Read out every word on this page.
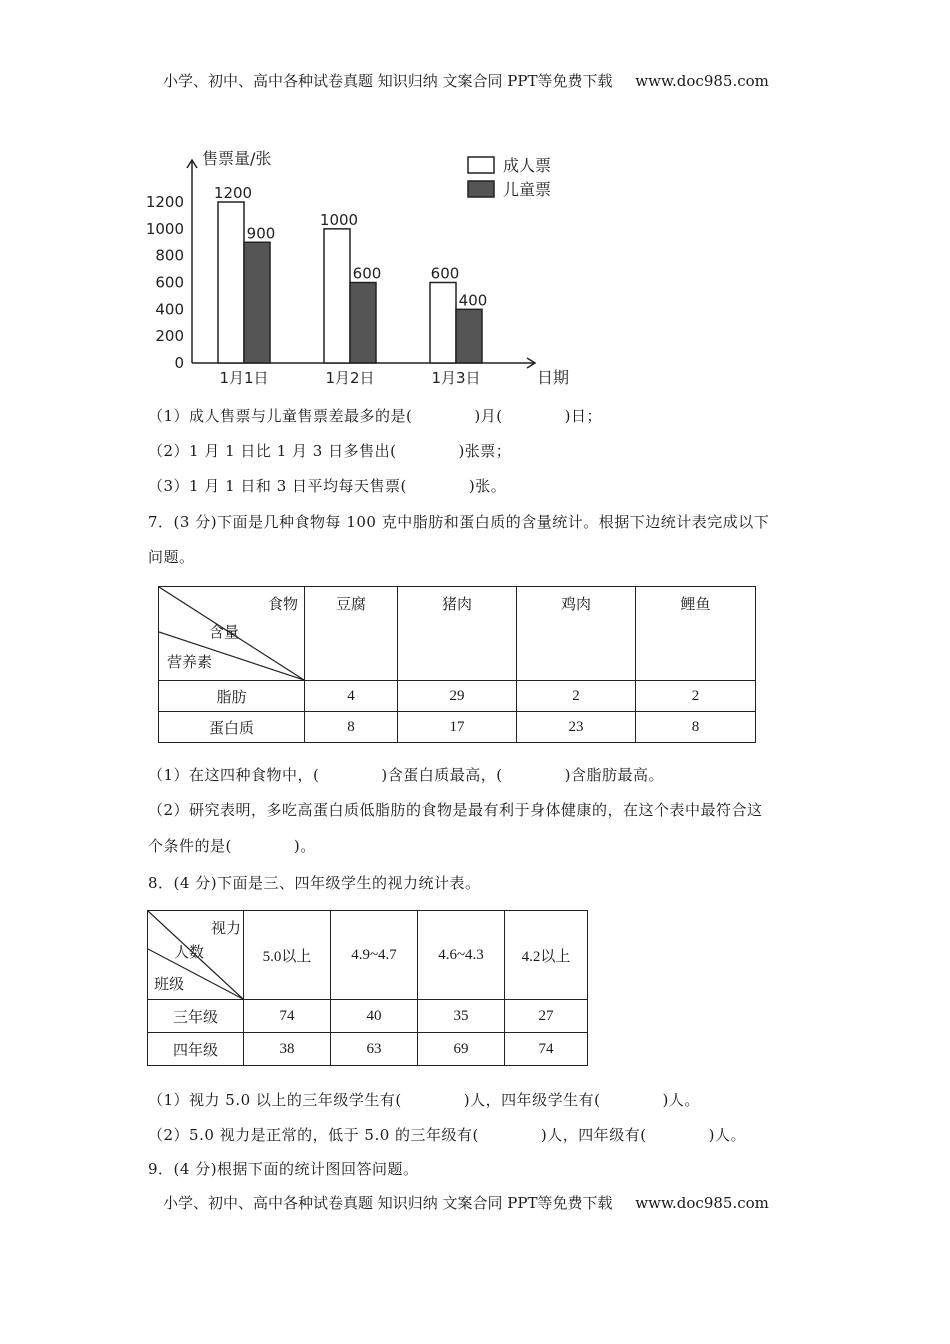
小学、初中、高中各种试卷真题 知识归纳 文案合同 PPT等免费下载 www.doc985.com
售票量/张
日期
0
200
400
600
800
1000
1200 1200
900
1月1日
1000
600
1月2日
600
400
1月3日
成人票
儿童票
（1）成人售票与儿童售票差最多的是(　　　　)月(　　　　)日；
（2）1 月 1 日比 1 月 3 日多售出(　　　　)张票；
（3）1 月 1 日和 3 日平均每天售票(　　　　)张。
7．(3 分)下面是几种食物每 100 克中脂肪和蛋白质的含量统计。根据下边统计表完成以下
问题。
食物
含量
营养素	豆腐	猪肉	鸡肉	鲤鱼
脂肪	4	29	2	2
蛋白质	8	17	23	8
（1）在这四种食物中，(　　　　)含蛋白质最高，(　　　　)含脂肪最高。
（2）研究表明，多吃高蛋白质低脂肪的食物是最有利于身体健康的，在这个表中最符合这
个条件的是(　　　　)。
8．(4 分)下面是三、四年级学生的视力统计表。
视力
人数
班级	5.0以上	4.9~4.7	4.6~4.3	4.2以上
三年级	74	40	35	27
四年级	38	63	69	74
（1）视力 5.0 以上的三年级学生有(　　　　)人，四年级学生有(　　　　)人。
（2）5.0 视力是正常的，低于 5.0 的三年级有(　　　　)人，四年级有(　　　　)人。
9．(4 分)根据下面的统计图回答问题。
小学、初中、高中各种试卷真题 知识归纳 文案合同 PPT等免费下载 www.doc985.com
